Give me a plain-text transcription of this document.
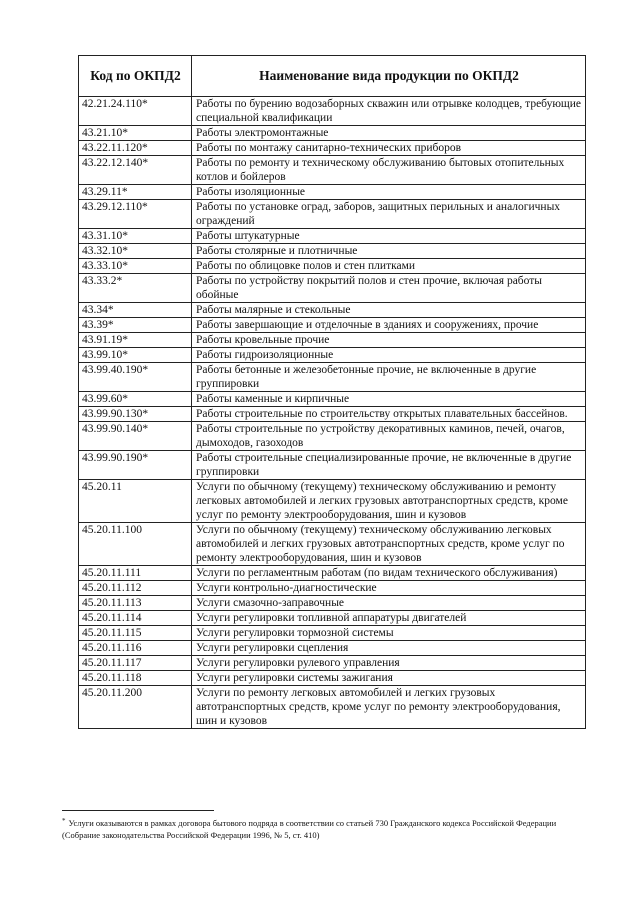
Код по ОКПД2	Наименование вида продукции по ОКПД2
42.21.24.110*	Работы по бурению водозаборных скважин или отрывке колодцев, требующие специальной квалификации
43.21.10*	Работы электромонтажные
43.22.11.120*	Работы по монтажу санитарно-технических приборов
43.22.12.140*	Работы по ремонту и техническому обслуживанию бытовых отопительных котлов и бойлеров
43.29.11*	Работы изоляционные
43.29.12.110*	Работы по установке оград, заборов, защитных перильных и аналогичных ограждений
43.31.10*	Работы штукатурные
43.32.10*	Работы столярные и плотничные
43.33.10*	Работы по облицовке полов и стен плитками
43.33.2*	Работы по устройству покрытий полов и стен прочие, включая работы обойные
43.34*	Работы малярные и стекольные
43.39*	Работы завершающие и отделочные в зданиях и сооружениях, прочие
43.91.19*	Работы кровельные прочие
43.99.10*	Работы гидроизоляционные
43.99.40.190*	Работы бетонные и железобетонные прочие, не включенные в другие группировки
43.99.60*	Работы каменные и кирпичные
43.99.90.130*	Работы строительные по строительству открытых плавательных бассейнов.
43.99.90.140*	Работы строительные по устройству декоративных каминов, печей, очагов, дымоходов, газоходов
43.99.90.190*	Работы строительные специализированные прочие, не включенные в другие группировки
45.20.11	Услуги по обычному (текущему) техническому обслуживанию и ремонту легковых автомобилей и легких грузовых автотранспортных средств, кроме услуг по ремонту электрооборудования, шин и кузовов
45.20.11.100	Услуги по обычному (текущему) техническому обслуживанию легковых автомобилей и легких грузовых автотранспортных средств, кроме услуг по ремонту электрооборудования, шин и кузовов
45.20.11.111	Услуги по регламентным работам (по видам технического обслуживания)
45.20.11.112	Услуги контрольно-диагностические
45.20.11.113	Услуги смазочно-заправочные
45.20.11.114	Услуги регулировки топливной аппаратуры двигателей
45.20.11.115	Услуги регулировки тормозной системы
45.20.11.116	Услуги регулировки сцепления
45.20.11.117	Услуги регулировки рулевого управления
45.20.11.118	Услуги регулировки системы зажигания
45.20.11.200	Услуги по ремонту легковых автомобилей и легких грузовых автотранспортных средств, кроме услуг по ремонту электрооборудования, шин и кузовов
* Услуги оказываются в рамках договора бытового подряда в соответствии со статьей 730 Гражданского кодекса Российской Федерации (Собрание законодательства Российской Федерации 1996, № 5, ст. 410)
